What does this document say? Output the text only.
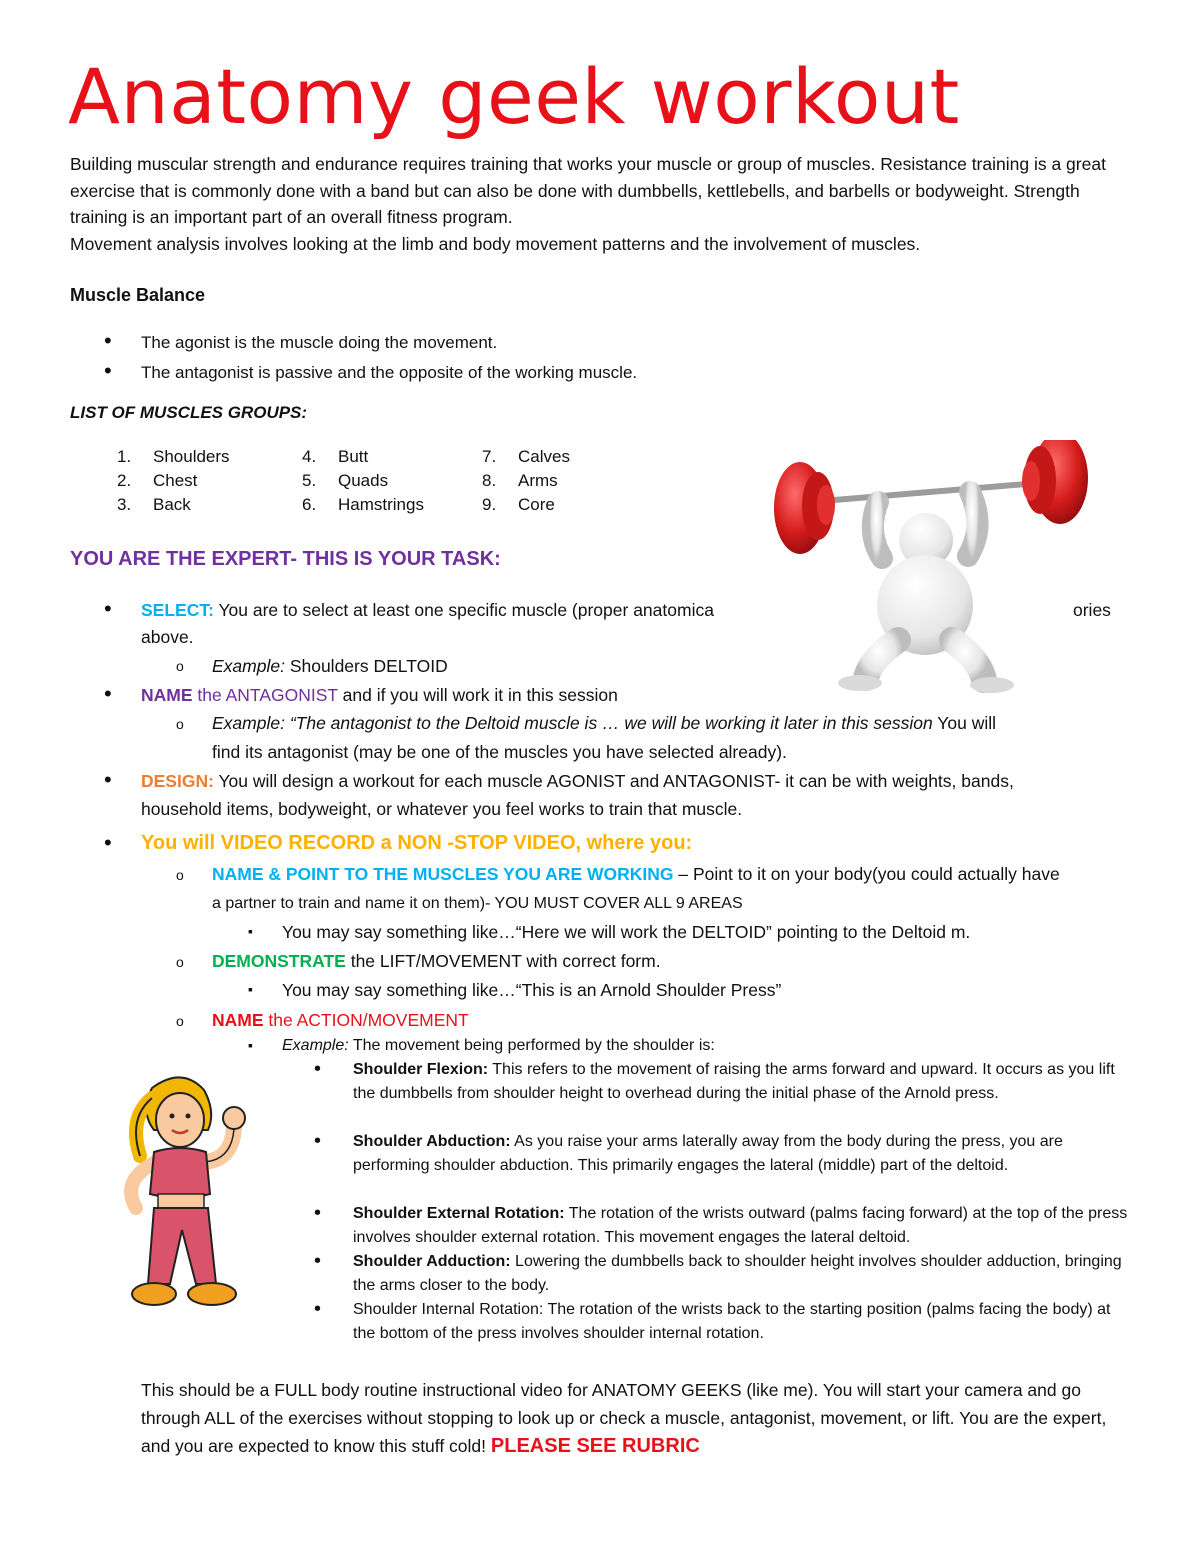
Anatomy geek workout

Building muscular strength and endurance requires training that works your muscle or group of muscles. Resistance training is a great exercise that is commonly done with a band but can also be done with dumbbells, kettlebells, and barbells or bodyweight. Strength training is an important part of an overall fitness program.

Movement analysis involves looking at the limb and body movement patterns and the involvement of muscles.

Muscle Balance
•
The agonist is the muscle doing the movement.
•
The antagonist is passive and the opposite of the working muscle.
LIST OF MUSCLES GROUPS:
1. Shoulders
2. Chest
3. Back
4. Butt
5. Quads
6. Hamstrings
7. Calves
8. Arms
9. Core
YOU ARE THE EXPERT- THIS IS YOUR TASK:
•
SELECT: You are to select at least one specific muscle (proper anatomica	ories
above.
o
Example: Shoulders DELTOID
•
NAME the ANTAGONIST and if you will work it in this session
o
Example: “The antagonist to the Deltoid muscle is … we will be working it later in this session You will
find its antagonist (may be one of the muscles you have selected already).
•
DESIGN: You will design a workout for each muscle AGONIST and ANTAGONIST- it can be with weights, bands,
household items, bodyweight, or whatever you feel works to train that muscle.
•
You will VIDEO RECORD a NON -STOP VIDEO, where you:
o
NAME & POINT TO THE MUSCLES YOU ARE WORKING – Point to it on your body(you could actually have
a partner to train and name it on them)- YOU MUST COVER ALL 9 AREAS
▪
You may say something like…“Here we will work the DELTOID” pointing to the Deltoid m.
o
DEMONSTRATE the LIFT/MOVEMENT with correct form.
▪
You may say something like…“This is an Arnold Shoulder Press”
o
NAME the ACTION/MOVEMENT
▪
Example: The movement being performed by the shoulder is:
•
Shoulder Flexion: This refers to the movement of raising the arms forward and upward. It occurs as you lift the dumbbells from shoulder height to overhead during the initial phase of the Arnold press.
•
Shoulder Abduction: As you raise your arms laterally away from the body during the press, you are performing shoulder abduction. This primarily engages the lateral (middle) part of the deltoid.
•
Shoulder External Rotation: The rotation of the wrists outward (palms facing forward) at the top of the press involves shoulder external rotation. This movement engages the lateral deltoid.
•
Shoulder Adduction: Lowering the dumbbells back to shoulder height involves shoulder adduction, bringing the arms closer to the body.
•
Shoulder Internal Rotation: The rotation of the wrists back to the starting position (palms facing the body) at the bottom of the press involves shoulder internal rotation.
This should be a FULL body routine instructional video for ANATOMY GEEKS (like me). You will start your camera and go through ALL of the exercises without stopping to look up or check a muscle, antagonist, movement, or lift. You are the expert, and you are expected to know this stuff cold! PLEASE SEE RUBRIC
